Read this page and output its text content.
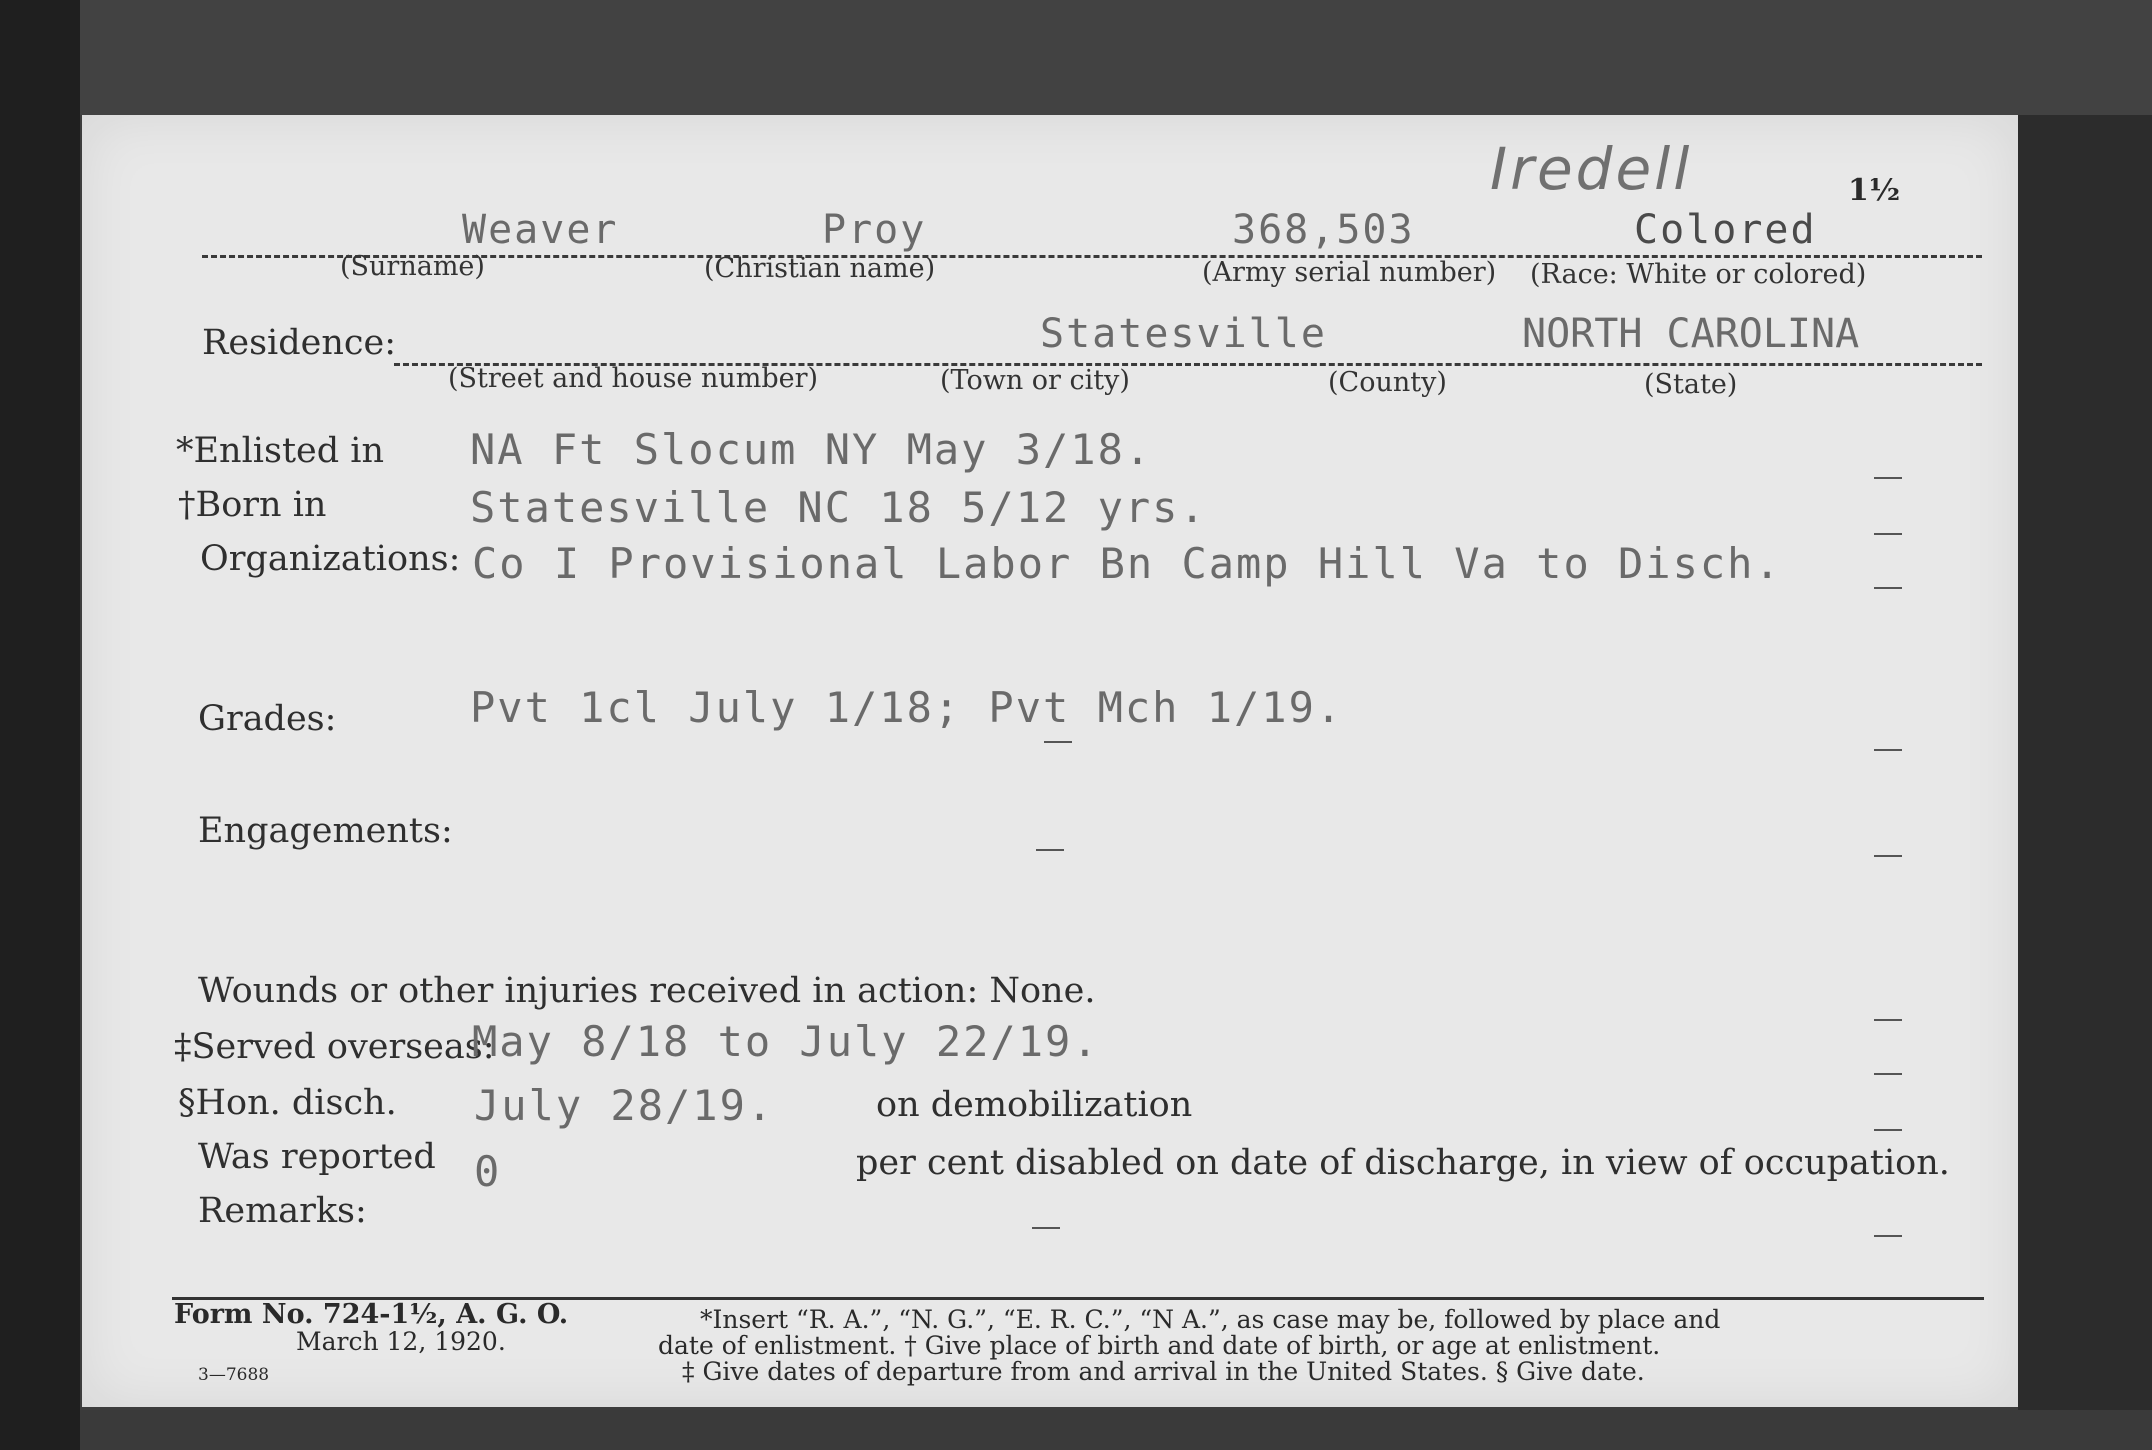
Iredell	1½
Weaver	Proy	368,503	Colored
(Surname)	(Christian name)	(Army serial number) (Race: White or colored)
Residence:	Statesville	NORTH CAROLINA
(Street and house number)	(Town or city)	(County)	(State)
*Enlisted in NA Ft Slocum NY May 3/18.
†Born in	Statesville NC 18 5/12 yrs.
Organizations: Co I Provisional Labor Bn Camp Hill Va to Disch.
Grades:	Pvt 1cl July 1/18; Pvt Mch 1/19.
Engagements:
Wounds or other injuries received in action: None.
‡Served overseas:
May 8/18 to July 22/19.
§Hon. disch. July 28/19.	on demobilization
Was reported 0	per cent disabled on date of discharge, in view of occupation.
Remarks:
Form No. 724-1½, A. G. O.
March 12, 1920.
3—7688
*Insert “R. A.”, “N. G.”, “E. R. C.”, “N A.”, as case may be, followed by place and
date of enlistment. † Give place of birth and date of birth, or age at enlistment.
‡ Give dates of departure from and arrival in the United States. § Give date.
